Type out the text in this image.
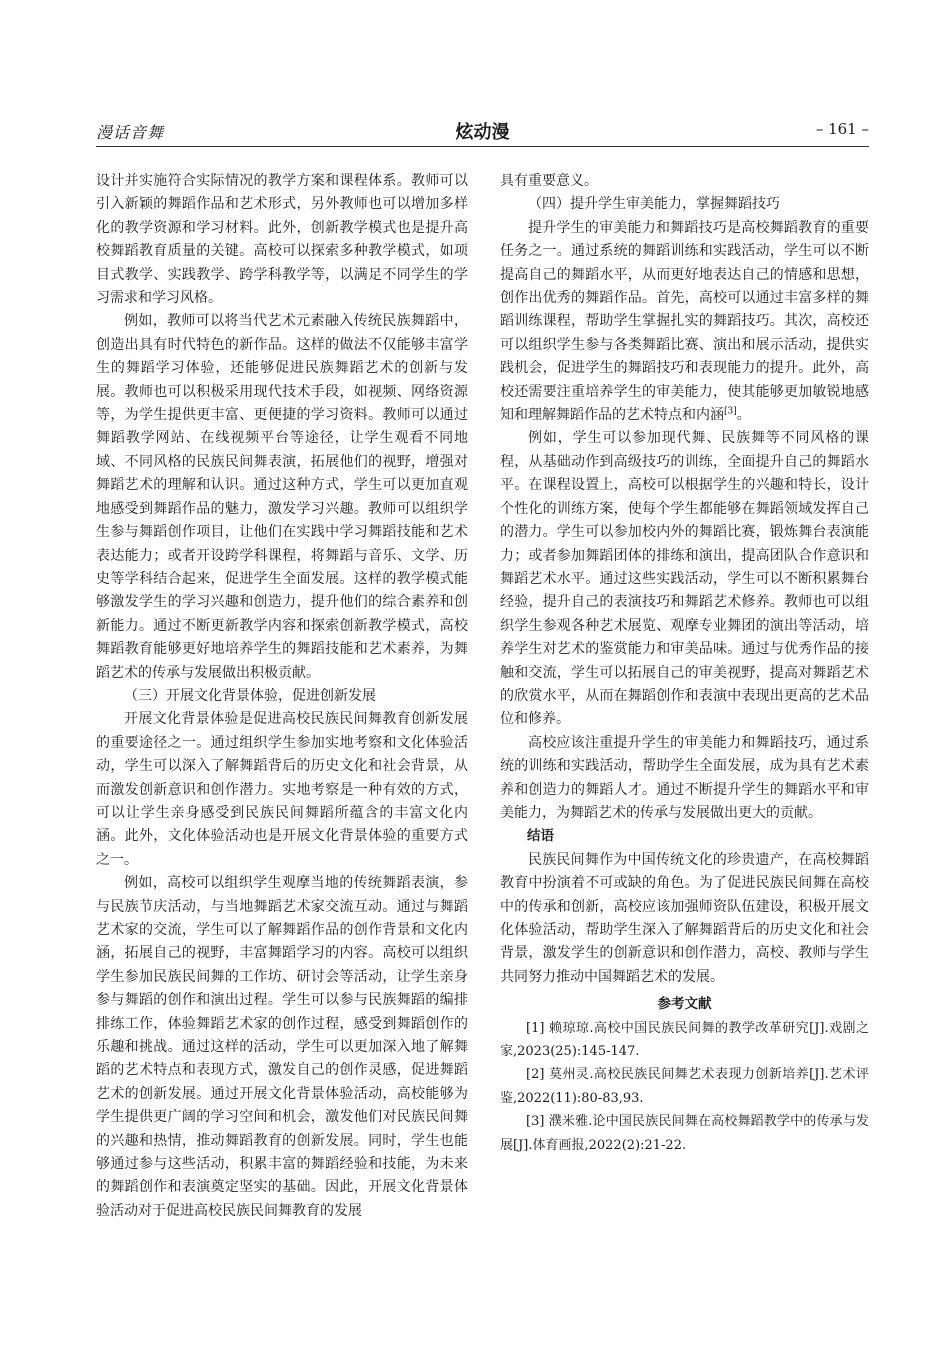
漫话音舞	炫动漫	– 161 –

设计并实施符合实际情况的教学方案和课程体系。教师可以引入新颖的舞蹈作品和艺术形式，另外教师也可以增加多样化的教学资源和学习材料。此外，创新教学模式也是提升高校舞蹈教育质量的关键。高校可以探索多种教学模式，如项目式教学、实践教学、跨学科教学等，以满足不同学生的学习需求和学习风格。

例如，教师可以将当代艺术元素融入传统民族舞蹈中，创造出具有时代特色的新作品。这样的做法不仅能够丰富学生的舞蹈学习体验，还能够促进民族舞蹈艺术的创新与发展。教师也可以积极采用现代技术手段，如视频、网络资源等，为学生提供更丰富、更便捷的学习资料。教师可以通过舞蹈教学网站、在线视频平台等途径，让学生观看不同地域、不同风格的民族民间舞表演，拓展他们的视野，增强对舞蹈艺术的理解和认识。通过这种方式，学生可以更加直观地感受到舞蹈作品的魅力，激发学习兴趣。教师可以组织学生参与舞蹈创作项目，让他们在实践中学习舞蹈技能和艺术表达能力；或者开设跨学科课程，将舞蹈与音乐、文学、历史等学科结合起来，促进学生全面发展。这样的教学模式能够激发学生的学习兴趣和创造力，提升他们的综合素养和创新能力。通过不断更新教学内容和探索创新教学模式，高校舞蹈教育能够更好地培养学生的舞蹈技能和艺术素养，为舞蹈艺术的传承与发展做出积极贡献。

（三）开展文化背景体验，促进创新发展

开展文化背景体验是促进高校民族民间舞教育创新发展的重要途径之一。通过组织学生参加实地考察和文化体验活动，学生可以深入了解舞蹈背后的历史文化和社会背景，从而激发创新意识和创作潜力。实地考察是一种有效的方式，可以让学生亲身感受到民族民间舞蹈所蕴含的丰富文化内涵。此外，文化体验活动也是开展文化背景体验的重要方式之一。

例如，高校可以组织学生观摩当地的传统舞蹈表演，参与民族节庆活动，与当地舞蹈艺术家交流互动。通过与舞蹈艺术家的交流，学生可以了解舞蹈作品的创作背景和文化内涵，拓展自己的视野，丰富舞蹈学习的内容。高校可以组织学生参加民族民间舞的工作坊、研讨会等活动，让学生亲身参与舞蹈的创作和演出过程。学生可以参与民族舞蹈的编排排练工作，体验舞蹈艺术家的创作过程，感受到舞蹈创作的乐趣和挑战。通过这样的活动，学生可以更加深入地了解舞蹈的艺术特点和表现方式，激发自己的创作灵感，促进舞蹈艺术的创新发展。通过开展文化背景体验活动，高校能够为学生提供更广阔的学习空间和机会，激发他们对民族民间舞的兴趣和热情，推动舞蹈教育的创新发展。同时，学生也能够通过参与这些活动，积累丰富的舞蹈经验和技能，为未来的舞蹈创作和表演奠定坚实的基础。因此，开展文化背景体验活动对于促进高校民族民间舞教育的发展

具有重要意义。

（四）提升学生审美能力，掌握舞蹈技巧

提升学生的审美能力和舞蹈技巧是高校舞蹈教育的重要任务之一。通过系统的舞蹈训练和实践活动，学生可以不断提高自己的舞蹈水平，从而更好地表达自己的情感和思想，创作出优秀的舞蹈作品。首先，高校可以通过丰富多样的舞蹈训练课程，帮助学生掌握扎实的舞蹈技巧。其次，高校还可以组织学生参与各类舞蹈比赛、演出和展示活动，提供实践机会，促进学生的舞蹈技巧和表现能力的提升。此外，高校还需要注重培养学生的审美能力，使其能够更加敏锐地感知和理解舞蹈作品的艺术特点和内涵[3]。

例如，学生可以参加现代舞、民族舞等不同风格的课程，从基础动作到高级技巧的训练，全面提升自己的舞蹈水平。在课程设置上，高校可以根据学生的兴趣和特长，设计个性化的训练方案，使每个学生都能够在舞蹈领域发挥自己的潜力。学生可以参加校内外的舞蹈比赛，锻炼舞台表演能力；或者参加舞蹈团体的排练和演出，提高团队合作意识和舞蹈艺术水平。通过这些实践活动，学生可以不断积累舞台经验，提升自己的表演技巧和舞蹈艺术修养。教师也可以组织学生参观各种艺术展览、观摩专业舞团的演出等活动，培养学生对艺术的鉴赏能力和审美品味。通过与优秀作品的接触和交流，学生可以拓展自己的审美视野，提高对舞蹈艺术的欣赏水平，从而在舞蹈创作和表演中表现出更高的艺术品位和修养。

高校应该注重提升学生的审美能力和舞蹈技巧，通过系统的训练和实践活动，帮助学生全面发展，成为具有艺术素养和创造力的舞蹈人才。通过不断提升学生的舞蹈水平和审美能力，为舞蹈艺术的传承与发展做出更大的贡献。

结语

民族民间舞作为中国传统文化的珍贵遗产，在高校舞蹈教育中扮演着不可或缺的角色。为了促进民族民间舞在高校中的传承和创新，高校应该加强师资队伍建设，积极开展文化体验活动，帮助学生深入了解舞蹈背后的历史文化和社会背景，激发学生的创新意识和创作潜力，高校、教师与学生共同努力推动中国舞蹈艺术的发展。

参考文献

[1] 赖琼琼.高校中国民族民间舞的教学改革研究[J].戏剧之家,2023(25):145-147.

[2] 莫州灵.高校民族民间舞艺术表现力创新培养[J].艺术评鉴,2022(11):80-83,93.

[3] 濮米雅.论中国民族民间舞在高校舞蹈教学中的传承与发展[J].体育画报,2022(2):21-22.
